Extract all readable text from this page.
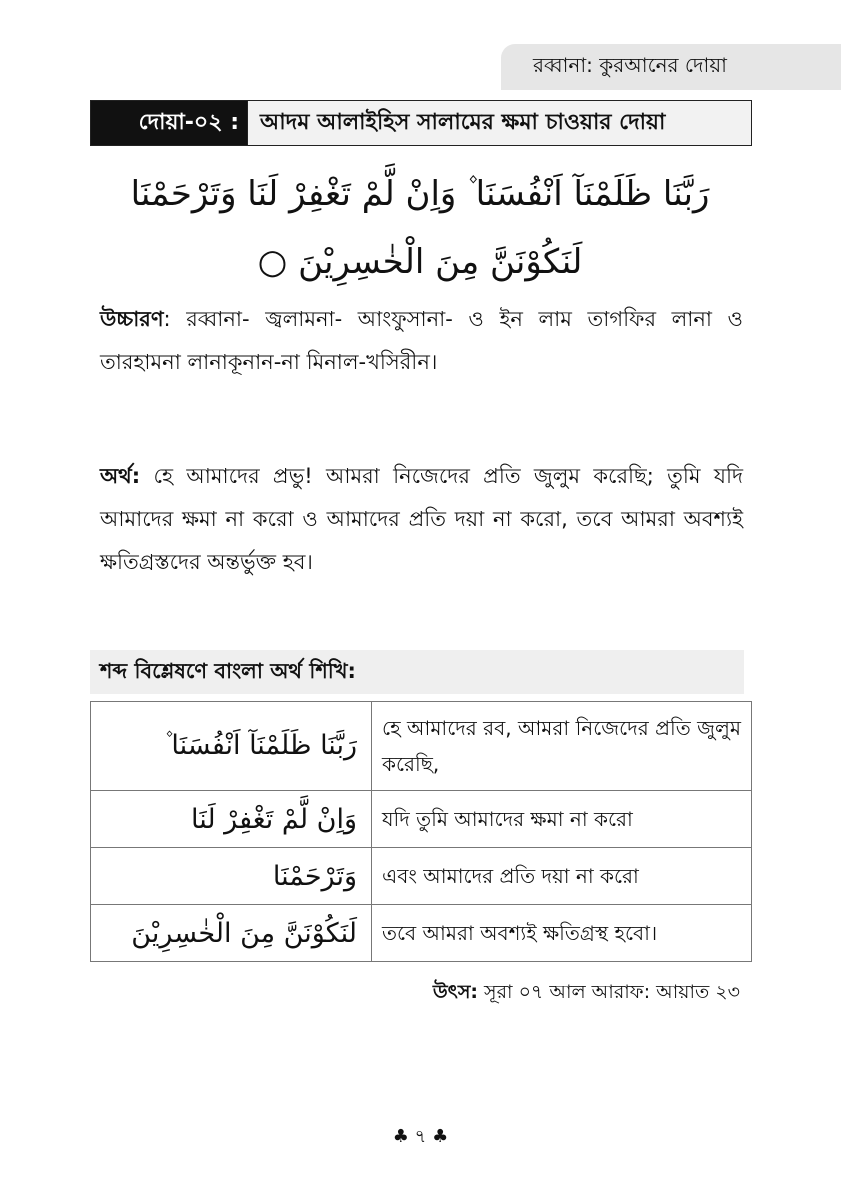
রব্বানা: কুরআনের দোয়া
দোয়া-০২ : আদম আলাইহিস সালামের ক্ষমা চাওয়ার দোয়া
رَبَّنَا ظَلَمْنَآ اَنْفُسَنَا ۫ وَاِنْ لَّمْ تَغْفِرْ لَنَا وَتَرْحَمْنَا لَنَكُوْنَنَّ مِنَ الْخٰسِرِيْنَ ○

উচ্চারণ: রব্বানা- জ্বলামনা- আংফুসানা- ও ইন লাম তাগফির লানা ও তারহামনা লানাকূনান-না মিনাল-খসিরীন।

অর্থ: হে আমাদের প্রভু! আমরা নিজেদের প্রতি জুলুম করেছি; তুমি যদি আমাদের ক্ষমা না করো ও আমাদের প্রতি দয়া না করো, তবে আমরা অবশ্যই ক্ষতিগ্রস্তদের অন্তর্ভুক্ত হব।

শব্দ বিশ্লেষণে বাংলা অর্থ শিখি:
رَبَّنَا ظَلَمْنَآ اَنْفُسَنَا ۫	হে আমাদের রব, আমরা নিজেদের প্রতি জুলুম করেছি,
وَاِنْ لَّمْ تَغْفِرْ لَنَا	যদি তুমি আমাদের ক্ষমা না করো
وَتَرْحَمْنَا	এবং আমাদের প্রতি দয়া না করো
لَنَكُوْنَنَّ مِنَ الْخٰسِرِيْنَ	তবে আমরা অবশ্যই ক্ষতিগ্রস্থ হবো।
উৎস: সূরা ০৭ আল আরাফ: আয়াত ২৩
♣ ৭ ♣
